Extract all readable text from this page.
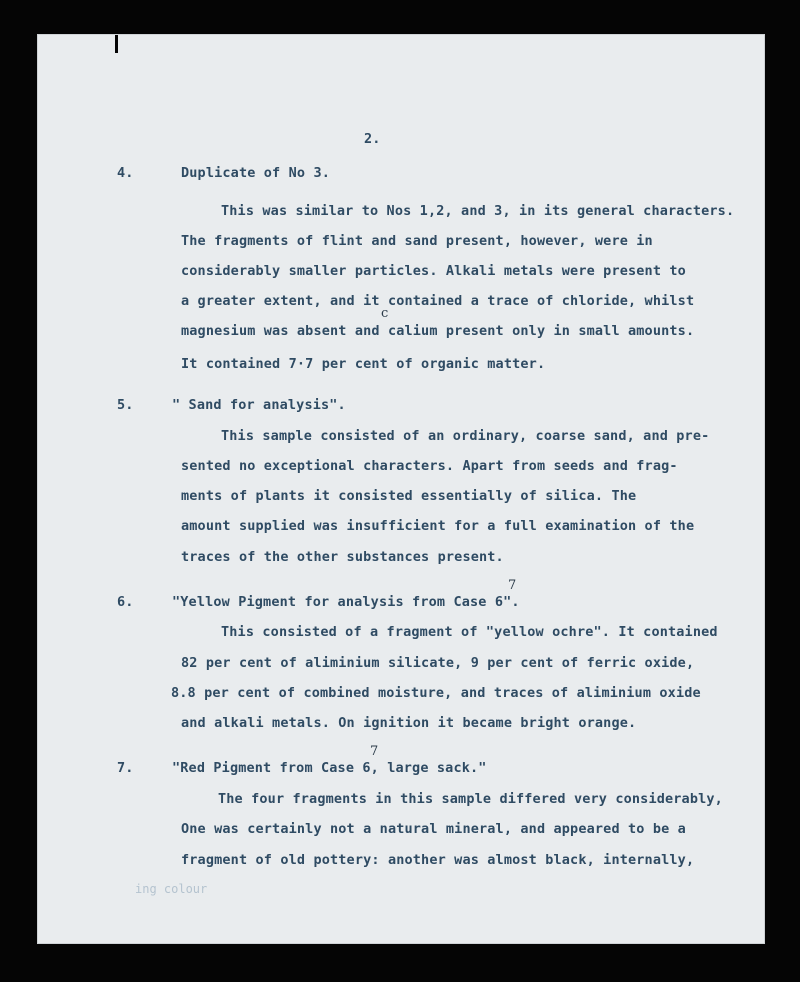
2.
4.	Duplicate of No 3.
This was similar to Nos 1,2, and 3, in its general characters.
The fragments of flint and sand present, however, were in
considerably smaller particles. Alkali metals were present to
a greater extent, and it contained a trace of chloride, whilst
c
magnesium was absent and calium present only in small amounts.
It contained 7·7 per cent of organic matter.
5.	" Sand for analysis".
This sample consisted of an ordinary, coarse sand, and pre-
sented no exceptional characters. Apart from seeds and frag-
ments of plants it consisted essentially of silica. The
amount supplied was insufficient for a full examination of the
traces of the other substances present.
7
6.	"Yellow Pigment for analysis from Case 6".
This consisted of a fragment of "yellow ochre". It contained
82 per cent of aliminium silicate, 9 per cent of ferric oxide,
8.8 per cent of combined moisture, and traces of aliminium oxide
and alkali metals. On ignition it became bright orange.
7
7.	"Red Pigment from Case 6, large sack."
The four fragments in this sample differed very considerably,
One was certainly not a natural mineral, and appeared to be a
fragment of old pottery: another was almost black, internally,
ing colour
